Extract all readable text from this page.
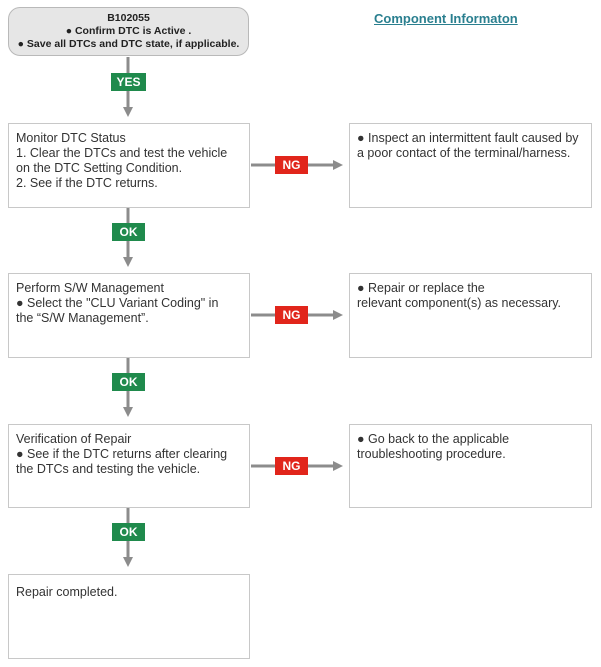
B102055
● Confirm DTC is Active .
● Save all DTCs and DTC state, if applicable.
Component Informaton
YES
OK
OK
OK
NG
NG
NG
Monitor DTC Status
1. Clear the DTCs and test the vehicle
on the DTC Setting Condition.
2. See if the DTC returns.
● Inspect an intermittent fault caused by
a poor contact of the terminal/harness.
Perform S/W Management
● Select the "CLU Variant Coding" in
the “S/W Management”.
● Repair or replace the
relevant component(s) as necessary.
Verification of Repair
● See if the DTC returns after clearing
the DTCs and testing the vehicle.
● Go back to the applicable
troubleshooting procedure.
Repair completed.
